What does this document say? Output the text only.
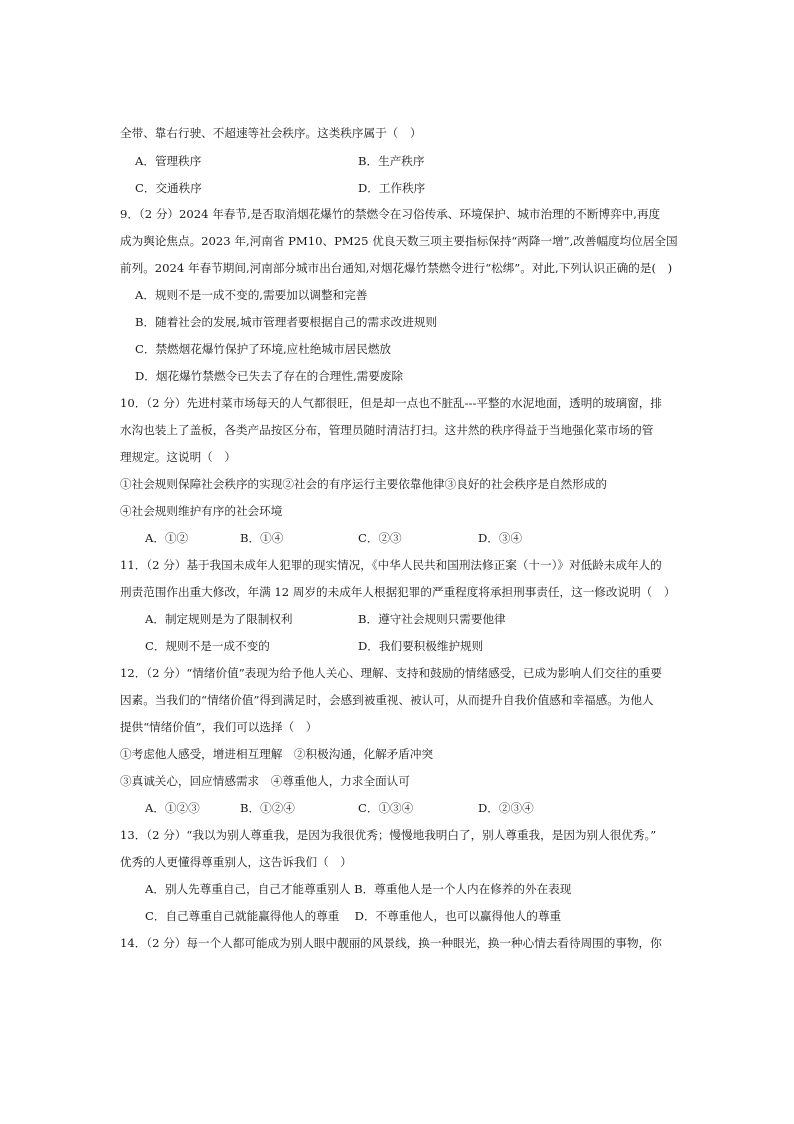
全带、靠右行驶、不超速等社会秩序。这类秩序属于（　）
A．管理秩序	B．生产秩序
C．交通秩序	D．工作秩序
9．（2 分）2024 年春节,是否取消烟花爆竹的禁燃令在习俗传承、环境保护、城市治理的不断博弈中,再度
成为舆论焦点。2023 年,河南省 PM10、PM25 优良天数三项主要指标保持“两降一增”,改善幅度均位居全国
前列。2024 年春节期间,河南部分城市出台通知,对烟花爆竹禁燃令进行“松绑”。对此,下列认识正确的是(　)
A．规则不是一成不变的,需要加以调整和完善
B．随着社会的发展,城市管理者要根据自己的需求改进规则
C．禁燃烟花爆竹保护了环境,应杜绝城市居民燃放
D．烟花爆竹禁燃令已失去了存在的合理性,需要废除
10．（2 分）先进村菜市场每天的人气都很旺，但是却一点也不脏乱---平整的水泥地面，透明的玻璃窗，排
水沟也装上了盖板，各类产品按区分布，管理员随时清洁打扫。这井然的秩序得益于当地强化菜市场的管
理规定。这说明（　）
①社会规则保障社会秩序的实现②社会的有序运行主要依靠他律③良好的社会秩序是自然形成的
④社会规则维护有序的社会环境
A．①②	B．①④	C．②③	D．③④
11．（2 分）基于我国未成年人犯罪的现实情况，《中华人民共和国刑法修正案（十一）》对低龄未成年人的
刑责范围作出重大修改，年满 12 周岁的未成年人根据犯罪的严重程度将承担刑事责任，这一修改说明（　）
A．制定规则是为了限制权利	B．遵守社会规则只需要他律
C．规则不是一成不变的	D．我们要积极维护规则
12．（2 分）“情绪价值”表现为给予他人关心、理解、支持和鼓励的情绪感受，已成为影响人们交往的重要
因素。当我们的“情绪价值”得到满足时，会感到被重视、被认可，从而提升自我价值感和幸福感。为他人
提供“情绪价值”，我们可以选择（　）
①考虑他人感受，增进相互理解　②积极沟通，化解矛盾冲突
③真诚关心，回应情感需求　④尊重他人，力求全面认可
A．①②③	B．①②④	C．①③④	D．②③④
13．（2 分）“我以为别人尊重我，是因为我很优秀；慢慢地我明白了，别人尊重我，是因为别人很优秀。”
优秀的人更懂得尊重别人，这告诉我们（　）
A．别人先尊重自己，自己才能尊重别人 B．尊重他人是一个人内在修养的外在表现
C．自己尊重自己就能赢得他人的尊重　 D．不尊重他人，也可以赢得他人的尊重
14．（2 分）每一个人都可能成为别人眼中靓丽的风景线，换一种眼光，换一种心情去看待周围的事物，你
